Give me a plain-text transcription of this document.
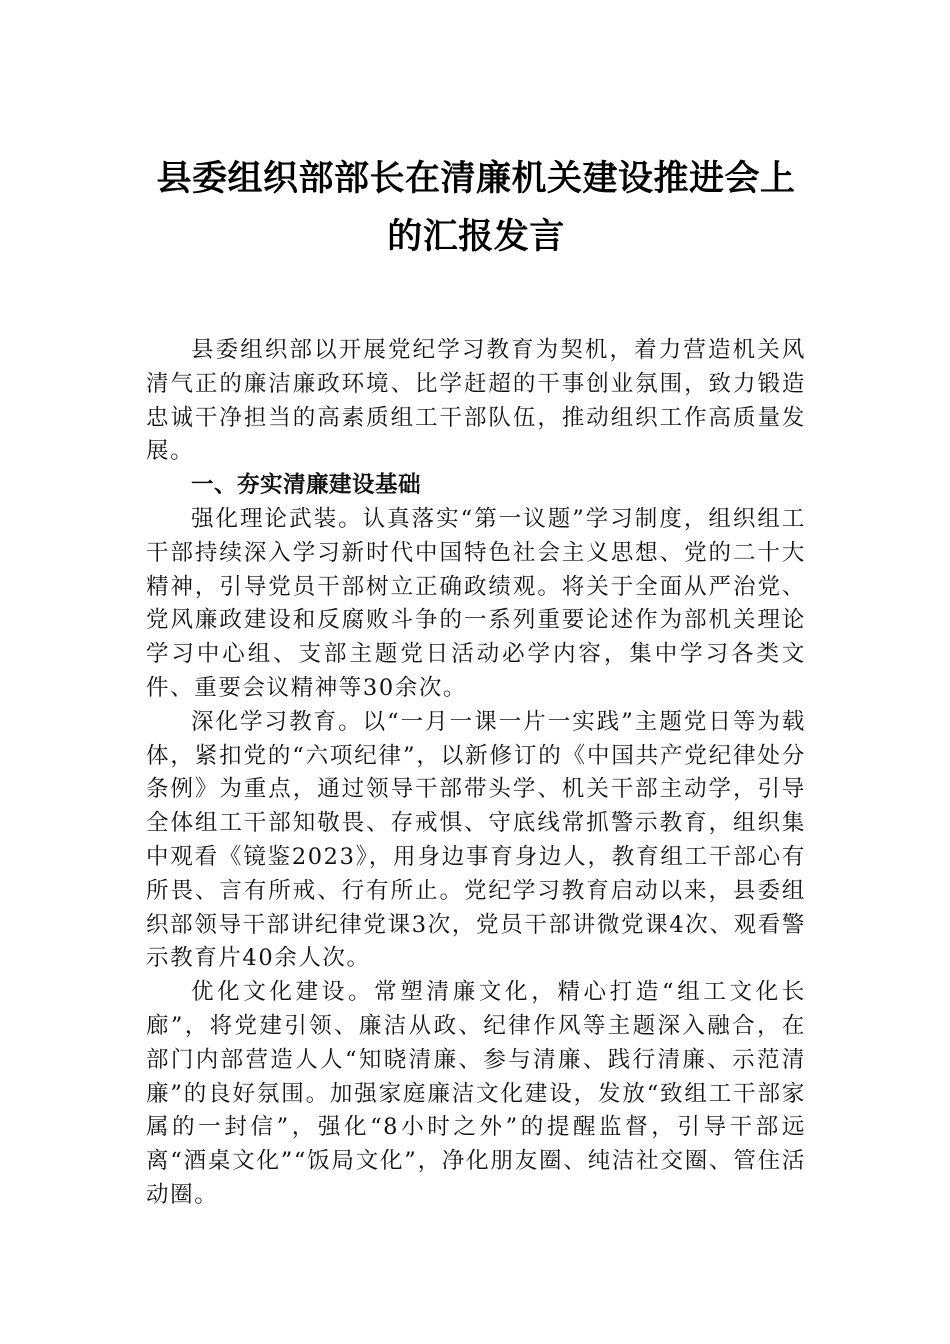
县委组织部部长在清廉机关建设推进会上
的汇报发言

县委组织部以开展党纪学习教育为契机，着力营造机关风清气正的廉洁廉政环境、比学赶超的干事创业氛围，致力锻造忠诚干净担当的高素质组工干部队伍，推动组织工作高质量发展。

一、夯实清廉建设基础

强化理论武装。认真落实“第一议题”学习制度，组织组工干部持续深入学习新时代中国特色社会主义思想、党的二十大精神，引导党员干部树立正确政绩观。将关于全面从严治党、党风廉政建设和反腐败斗争的一系列重要论述作为部机关理论学习中心组、支部主题党日活动必学内容，集中学习各类文件、重要会议精神等30余次。

深化学习教育。以“一月一课一片一实践”主题党日等为载体，紧扣党的“六项纪律”，以新修订的《中国共产党纪律处分条例》为重点，通过领导干部带头学、机关干部主动学，引导全体组工干部知敬畏、存戒惧、守底线常抓警示教育，组织集中观看《镜鉴2023》，用身边事育身边人，教育组工干部心有所畏、言有所戒、行有所止。党纪学习教育启动以来，县委组织部领导干部讲纪律党课3次，党员干部讲微党课4次、观看警示教育片40余人次。

优化文化建设。常塑清廉文化，精心打造“组工文化长廊”，将党建引领、廉洁从政、纪律作风等主题深入融合，在部门内部营造人人“知晓清廉、参与清廉、践行清廉、示范清廉”的良好氛围。加强家庭廉洁文化建设，发放“致组工干部家属的一封信”，强化“8小时之外”的提醒监督，引导干部远离“酒桌文化”“饭局文化”，净化朋友圈、纯洁社交圈、管住活动圈。
